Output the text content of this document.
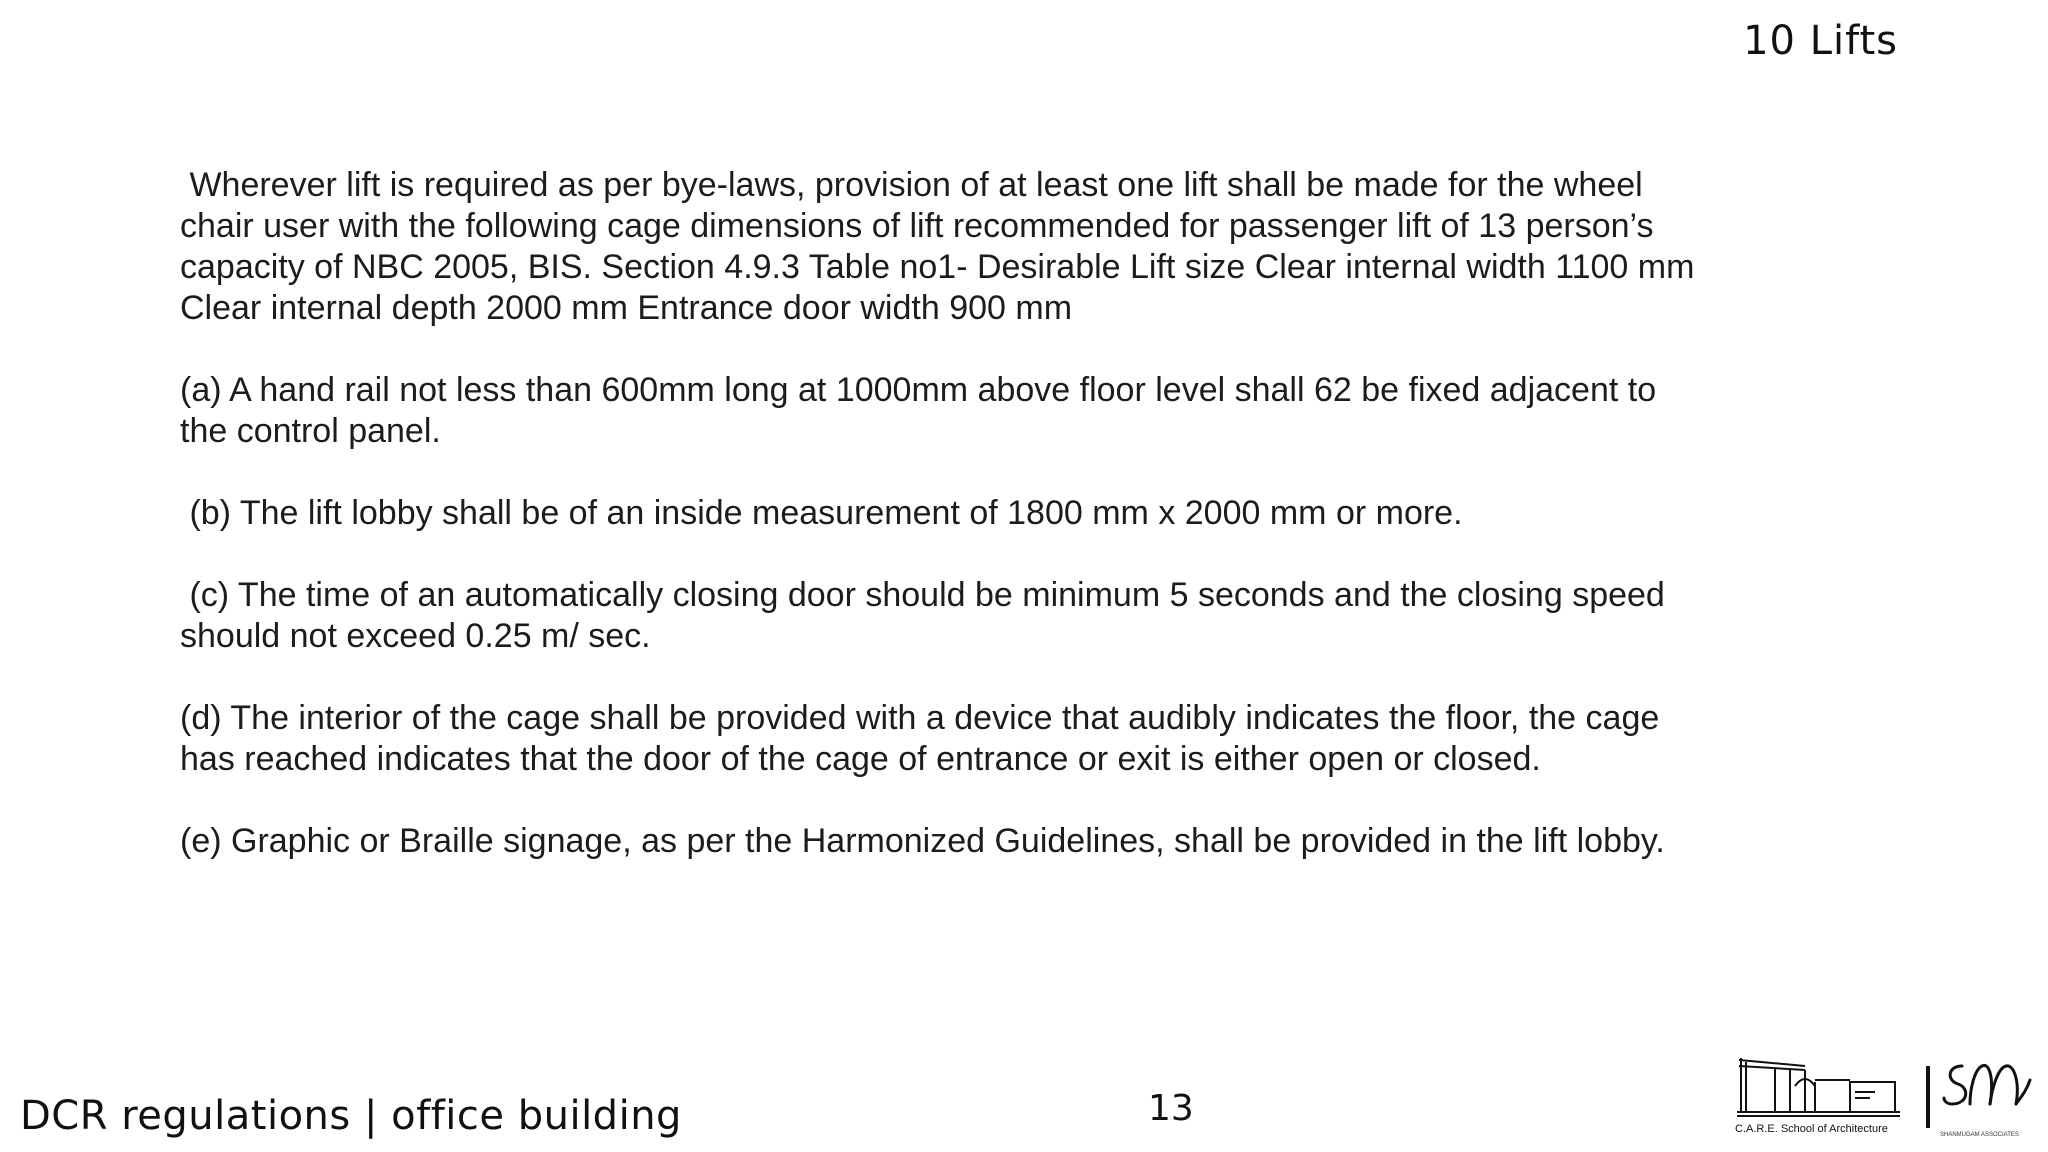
10 Lifts

Wherever lift is required as per bye-laws, provision of at least one lift shall be made for the wheel chair user with the following cage dimensions of lift recommended for passenger lift of 13 person’s capacity of NBC 2005, BIS. Section 4.9.3 Table no1- Desirable Lift size Clear internal width 1100 mm Clear internal depth 2000 mm Entrance door width 900 mm

(a) A hand rail not less than 600mm long at 1000mm above floor level shall 62 be fixed adjacent to the control panel.

(b) The lift lobby shall be of an inside measurement of 1800 mm x 2000 mm or more.

(c) The time of an automatically closing door should be minimum 5 seconds and the closing speed should not exceed 0.25 m/ sec.

(d) The interior of the cage shall be provided with a device that audibly indicates the floor, the cage has reached indicates that the door of the cage of entrance or exit is either open or closed.

(e) Graphic or Braille signage, as per the Harmonized Guidelines, shall be provided in the lift lobby.

DCR regulations | office building	13	C.A.R.E. School of Architecture	SHANMUGAM ASSOCIATES
